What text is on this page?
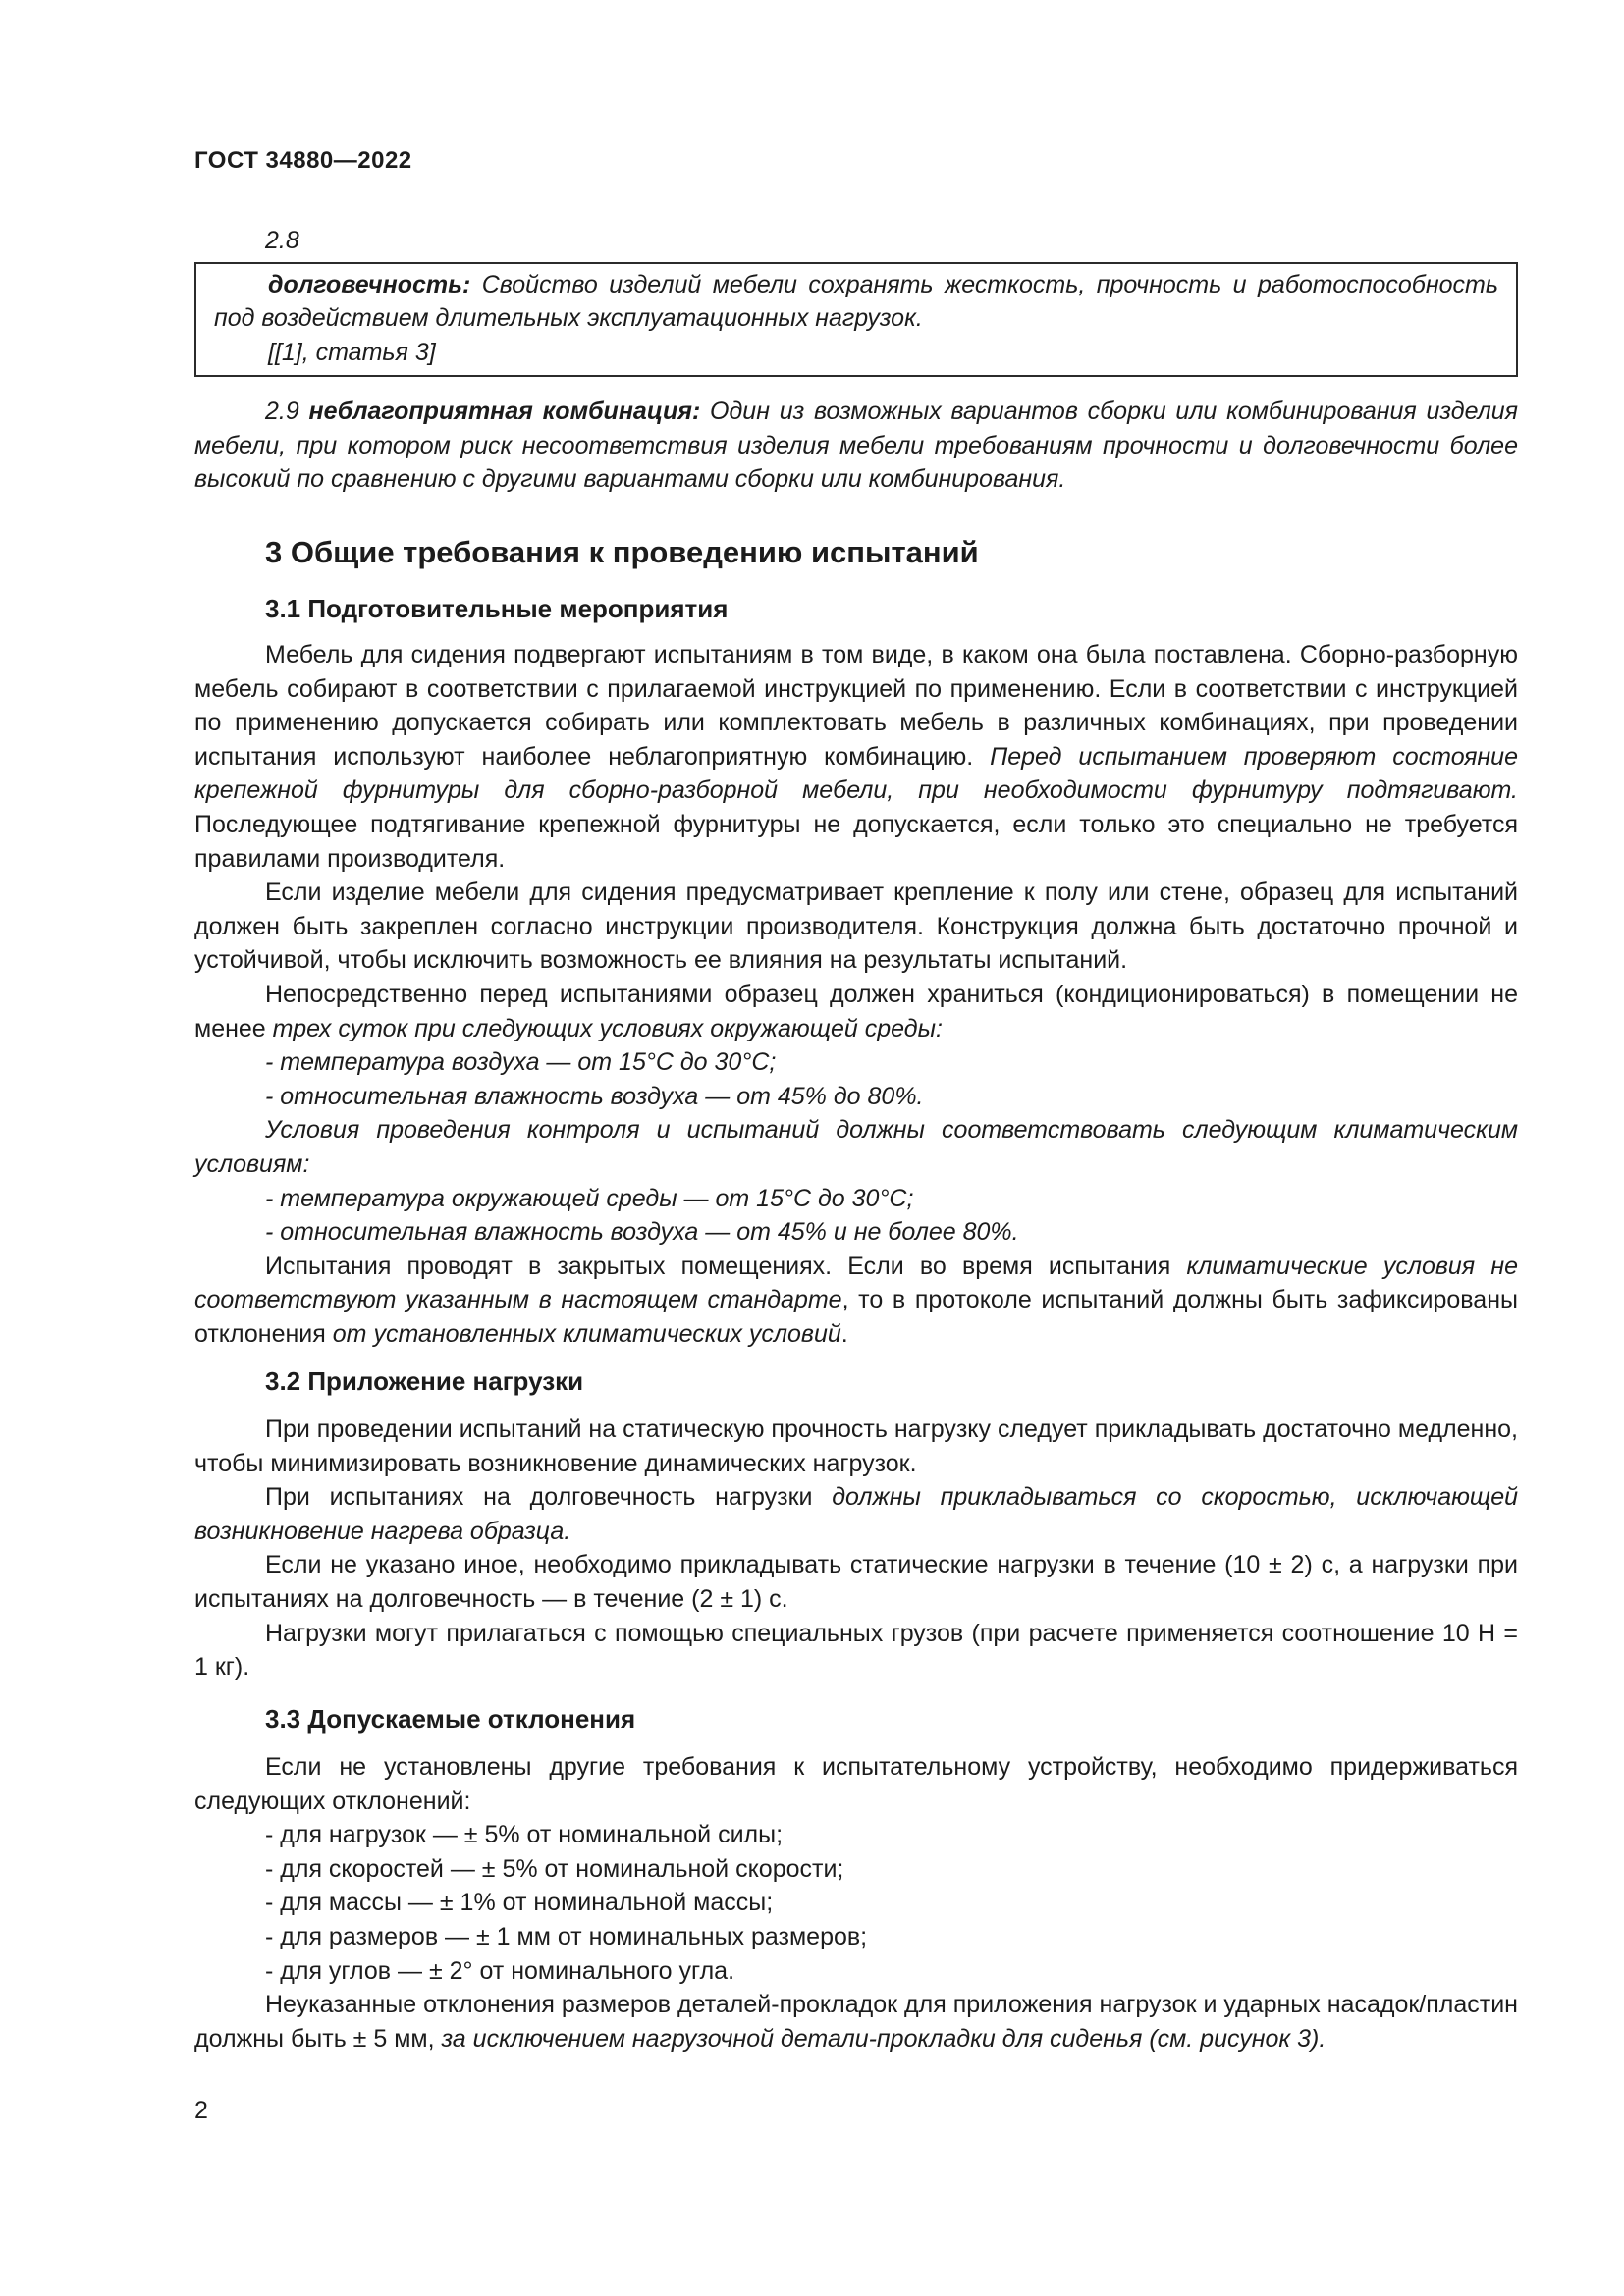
ГОСТ 34880—2022

2.8

долговечность: Свойство изделий мебели сохранять жесткость, прочность и работоспособность под воздействием длительных эксплуатационных нагрузок.

[[1], статья 3]

2.9 неблагоприятная комбинация: Один из возможных вариантов сборки или комбинирования изделия мебели, при котором риск несоответствия изделия мебели требованиям прочности и долговечности более высокий по сравнению с другими вариантами сборки или комбинирования.

3 Общие требования к проведению испытаний
3.1 Подготовительные мероприятия

Мебель для сидения подвергают испытаниям в том виде, в каком она была поставлена. Сборно-разборную мебель собирают в соответствии с прилагаемой инструкцией по применению. Если в соответствии с инструкцией по применению допускается собирать или комплектовать мебель в различных комбинациях, при проведении испытания используют наиболее неблагоприятную комбинацию. Перед испытанием проверяют состояние крепежной фурнитуры для сборно-разборной мебели, при необходимости фурнитуру подтягивают. Последующее подтягивание крепежной фурнитуры не допускается, если только это специально не требуется правилами производителя.

Если изделие мебели для сидения предусматривает крепление к полу или стене, образец для испытаний должен быть закреплен согласно инструкции производителя. Конструкция должна быть достаточно прочной и устойчивой, чтобы исключить возможность ее влияния на результаты испытаний.

Непосредственно перед испытаниями образец должен храниться (кондиционироваться) в помещении не менее трех суток при следующих условиях окружающей среды:

- температура воздуха — от 15°С до 30°С;

- относительная влажность воздуха — от 45% до 80%.

Условия проведения контроля и испытаний должны соответствовать следующим климатическим условиям:

- температура окружающей среды — от 15°С до 30°С;

- относительная влажность воздуха — от 45% и не более 80%.

Испытания проводят в закрытых помещениях. Если во время испытания климатические условия не соответствуют указанным в настоящем стандарте, то в протоколе испытаний должны быть зафиксированы отклонения от установленных климатических условий.

3.2 Приложение нагрузки

При проведении испытаний на статическую прочность нагрузку следует прикладывать достаточно медленно, чтобы минимизировать возникновение динамических нагрузок.

При испытаниях на долговечность нагрузки должны прикладываться со скоростью, исключающей возникновение нагрева образца.

Если не указано иное, необходимо прикладывать статические нагрузки в течение (10 ± 2) с, а нагрузки при испытаниях на долговечность — в течение (2 ± 1) с.

Нагрузки могут прилагаться с помощью специальных грузов (при расчете применяется соотношение 10 Н = 1 кг).

3.3 Допускаемые отклонения

Если не установлены другие требования к испытательному устройству, необходимо придерживаться следующих отклонений:

- для нагрузок — ± 5% от номинальной силы;

- для скоростей — ± 5% от номинальной скорости;

- для массы — ± 1% от номинальной массы;

- для размеров — ± 1 мм от номинальных размеров;

- для углов — ± 2° от номинального угла.

Неуказанные отклонения размеров деталей-прокладок для приложения нагрузок и ударных насадок/пластин должны быть ± 5 мм, за исключением нагрузочной детали-прокладки для сиденья (см. рисунок 3).

2
